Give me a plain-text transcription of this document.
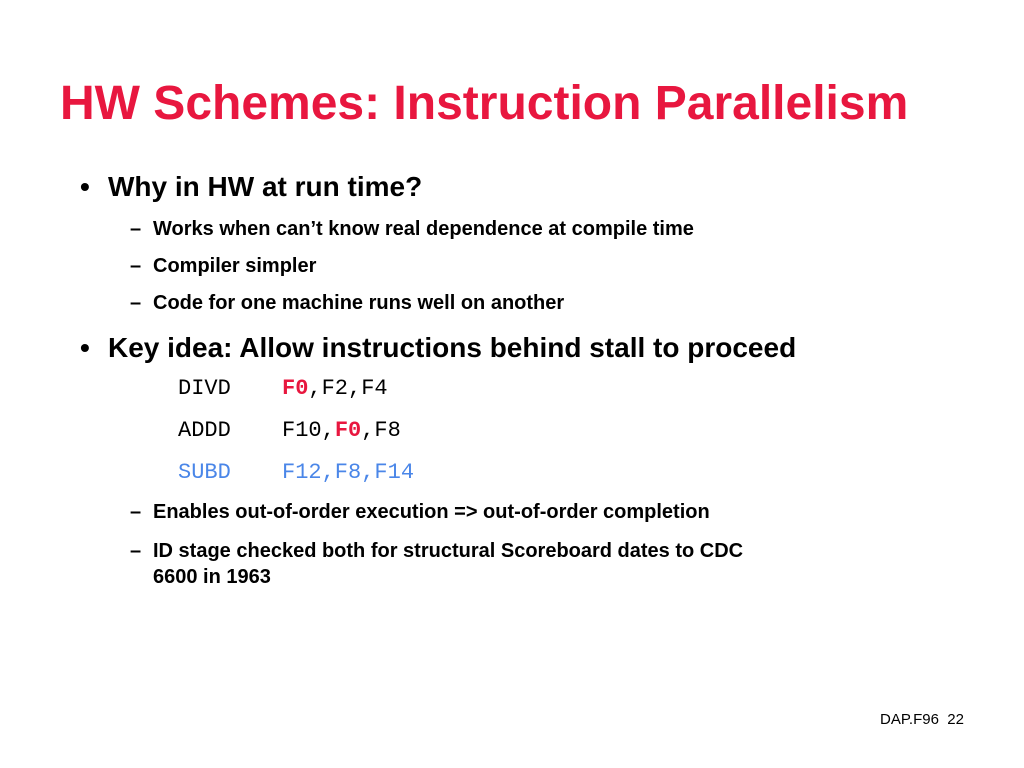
HW Schemes: Instruction Parallelism
• Why in HW at run time?
– Works when can’t know real dependence at compile time
– Compiler simpler
– Code for one machine runs well on another
• Key idea: Allow instructions behind stall to proceed
DIVD F0,F2,F4
ADDD F10,F0,F8
SUBD F12,F8,F14
– Enables out-of-order execution => out-of-order completion
– ID stage checked both for structural Scoreboard dates to CDC
6600 in 1963
DAP.F96 22
